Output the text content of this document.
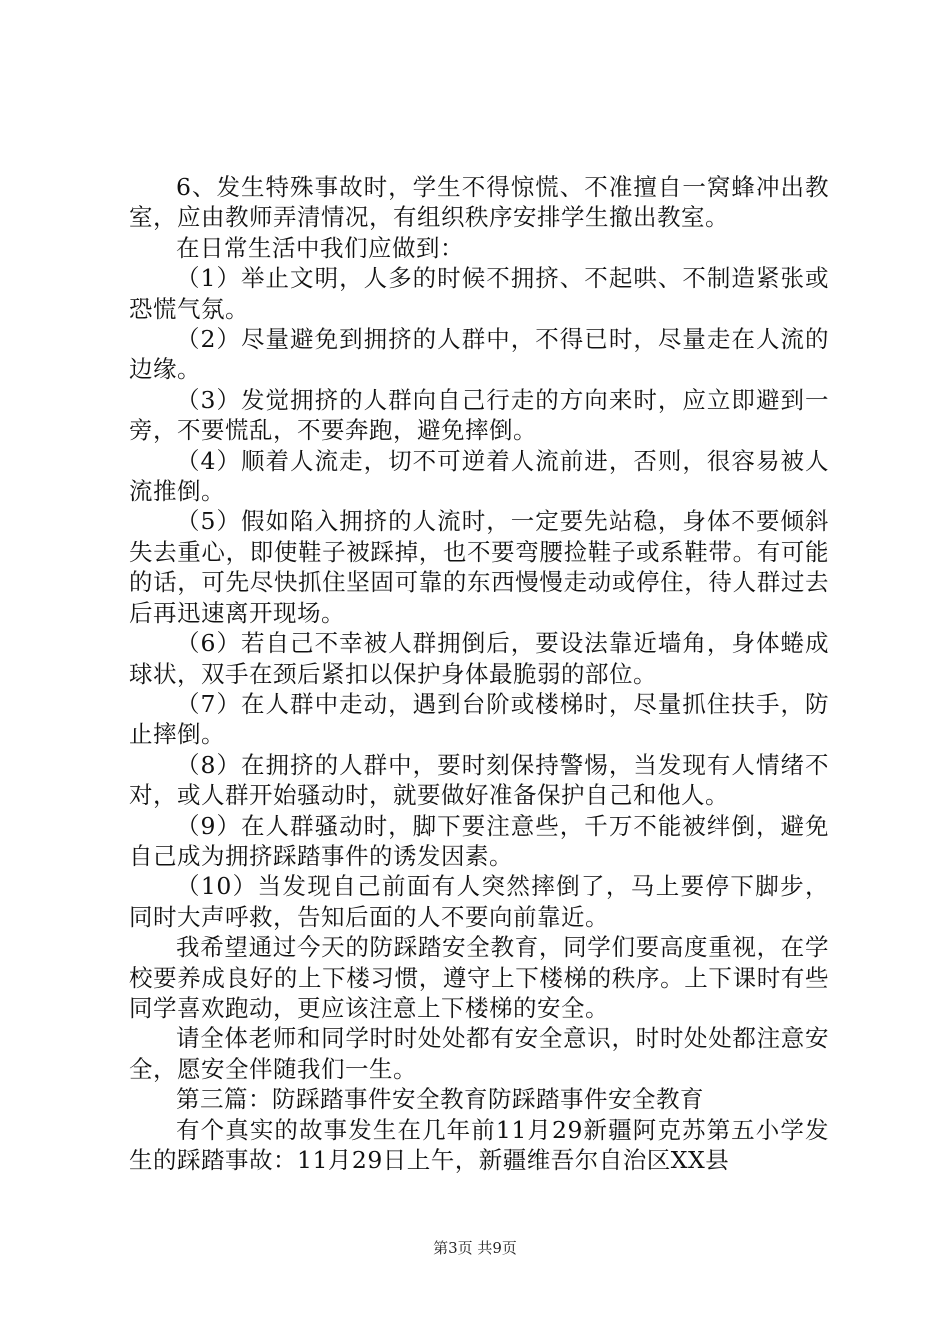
6、发生特殊事故时，学生不得惊慌、不准擅自一窝蜂冲出教室，应由教师弄清情况，有组织秩序安排学生撤出教室。

在日常生活中我们应做到：

（1）举止文明，人多的时候不拥挤、不起哄、不制造紧张或恐慌气氛。

（2）尽量避免到拥挤的人群中，不得已时，尽量走在人流的边缘。

（3）发觉拥挤的人群向自己行走的方向来时，应立即避到一旁，不要慌乱，不要奔跑，避免摔倒。

（4）顺着人流走，切不可逆着人流前进，否则，很容易被人流推倒。

（5）假如陷入拥挤的人流时，一定要先站稳，身体不要倾斜失去重心，即使鞋子被踩掉，也不要弯腰捡鞋子或系鞋带。有可能的话，可先尽快抓住坚固可靠的东西慢慢走动或停住，待人群过去后再迅速离开现场。

（6）若自己不幸被人群拥倒后，要设法靠近墙角，身体蜷成球状，双手在颈后紧扣以保护身体最脆弱的部位。

（7）在人群中走动，遇到台阶或楼梯时，尽量抓住扶手，防止摔倒。

（8）在拥挤的人群中，要时刻保持警惕，当发现有人情绪不对，或人群开始骚动时，就要做好准备保护自己和他人。

（9）在人群骚动时，脚下要注意些，千万不能被绊倒，避免自己成为拥挤踩踏事件的诱发因素。

（10）当发现自己前面有人突然摔倒了，马上要停下脚步，同时大声呼救，告知后面的人不要向前靠近。

我希望通过今天的防踩踏安全教育，同学们要高度重视，在学校要养成良好的上下楼习惯，遵守上下楼梯的秩序。上下课时有些同学喜欢跑动，更应该注意上下楼梯的安全。

请全体老师和同学时时处处都有安全意识，时时处处都注意安全，愿安全伴随我们一生。

第三篇：防踩踏事件安全教育防踩踏事件安全教育

有个真实的故事发生在几年前11月29新疆阿克苏第五小学发生的踩踏事故：11月29日上午，新疆维吾尔自治区XX县

第3页 共9页
